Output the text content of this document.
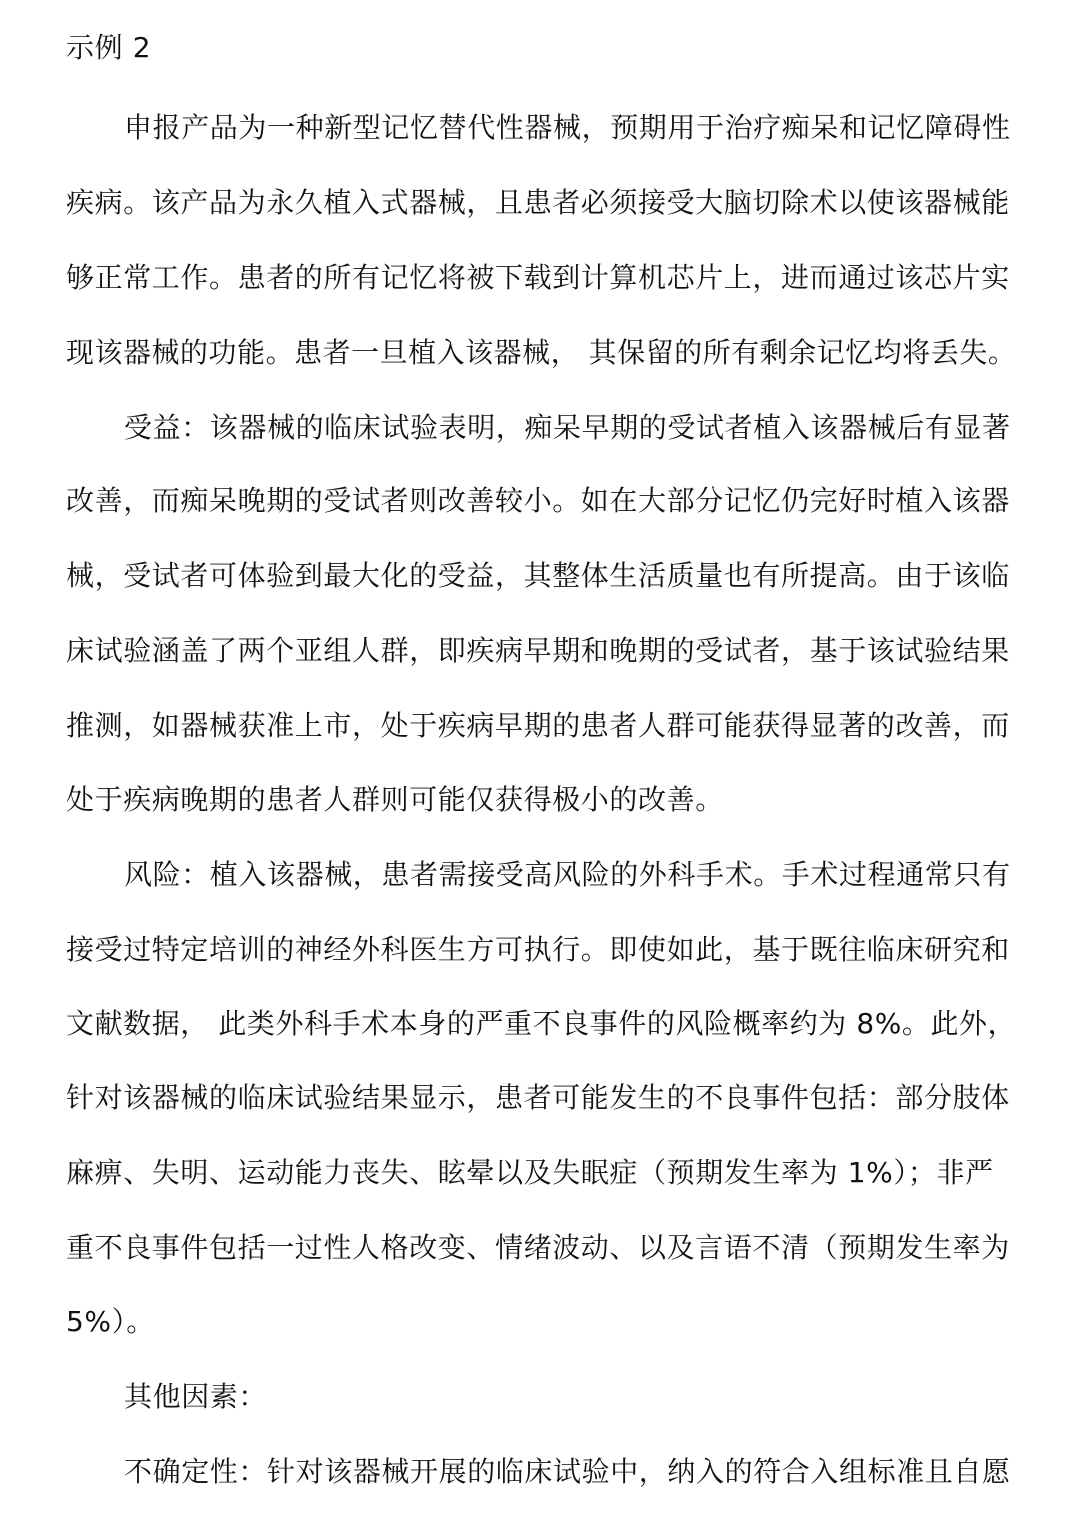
示例 2
申报产品为一种新型记忆替代性器械，预期用于治疗痴呆和记忆障碍性
疾病。该产品为永久植入式器械，且患者必须接受大脑切除术以使该器械能
够正常工作。患者的所有记忆将被下载到计算机芯片上，进而通过该芯片实
现该器械的功能。患者一旦植入该器械， 其保留的所有剩余记忆均将丢失。
受益：该器械的临床试验表明，痴呆早期的受试者植入该器械后有显著
改善，而痴呆晚期的受试者则改善较小。如在大部分记忆仍完好时植入该器
械，受试者可体验到最大化的受益，其整体生活质量也有所提高。由于该临
床试验涵盖了两个亚组人群，即疾病早期和晚期的受试者，基于该试验结果
推测，如器械获准上市，处于疾病早期的患者人群可能获得显著的改善，而
处于疾病晚期的患者人群则可能仅获得极小的改善。
风险：植入该器械，患者需接受高风险的外科手术。手术过程通常只有
接受过特定培训的神经外科医生方可执行。即使如此，基于既往临床研究和
文献数据， 此类外科手术本身的严重不良事件的风险概率约为 8%。此外，
针对该器械的临床试验结果显示，患者可能发生的不良事件包括：部分肢体
麻痹、失明、运动能力丧失、眩晕以及失眠症（预期发生率为 1%）；非严
重不良事件包括一过性人格改变、情绪波动、以及言语不清（预期发生率为
5%）。
其他因素：
不确定性：针对该器械开展的临床试验中，纳入的符合入组标准且自愿
